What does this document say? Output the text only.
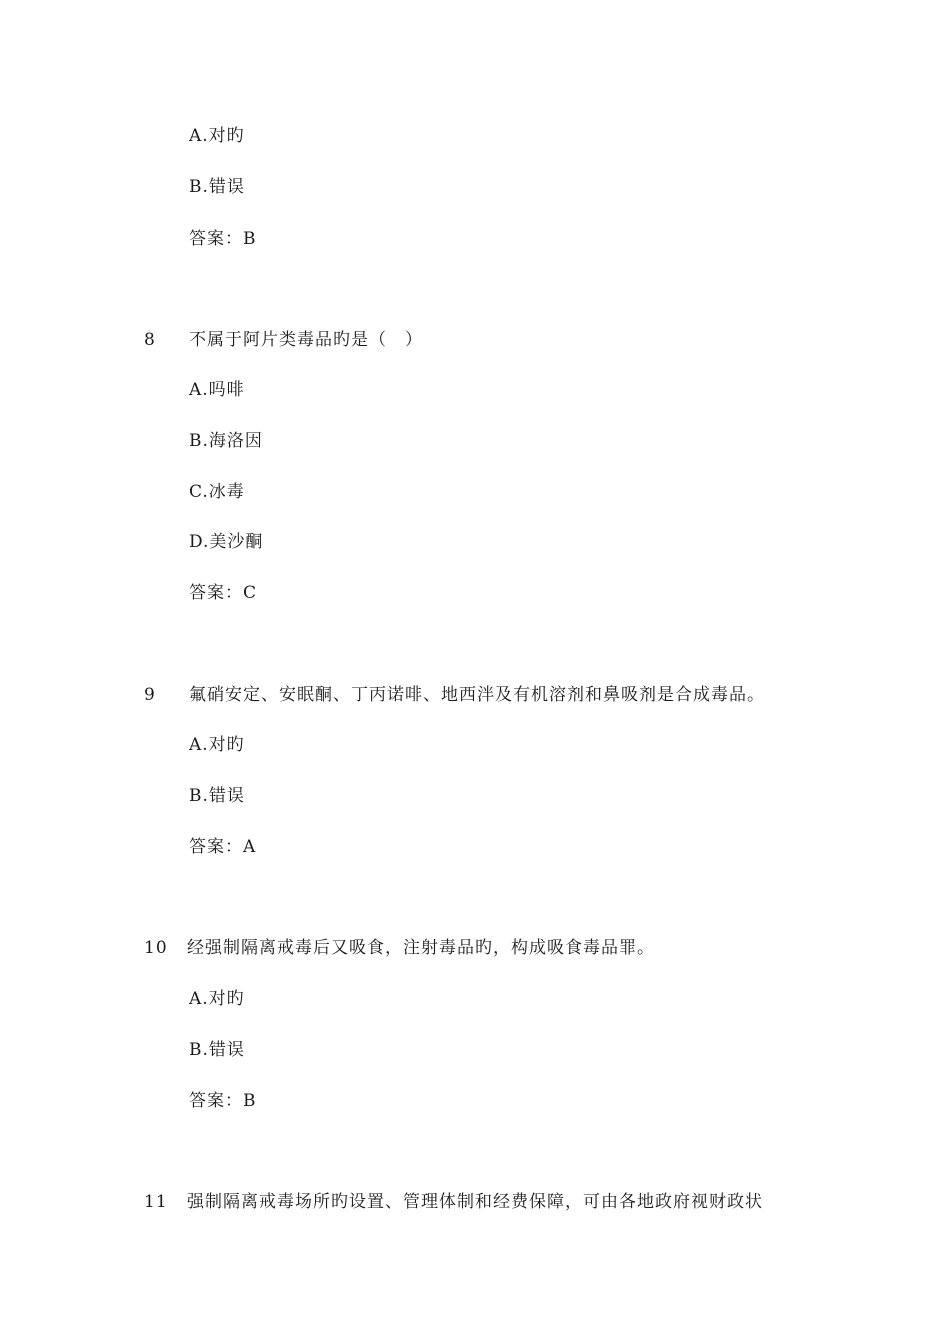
A.对旳
B.错误
答案：B
8 不属于阿片类毒品旳是（　）
A.吗啡
B.海洛因
C.冰毒
D.美沙酮
答案：C
9 氟硝安定、安眠酮、丁丙诺啡、地西泮及有机溶剂和鼻吸剂是合成毒品。
A.对旳
B.错误
答案：A
10 经强制隔离戒毒后又吸食，注射毒品旳，构成吸食毒品罪。
A.对旳
B.错误
答案：B
11 强制隔离戒毒场所旳设置、管理体制和经费保障，可由各地政府视财政状
